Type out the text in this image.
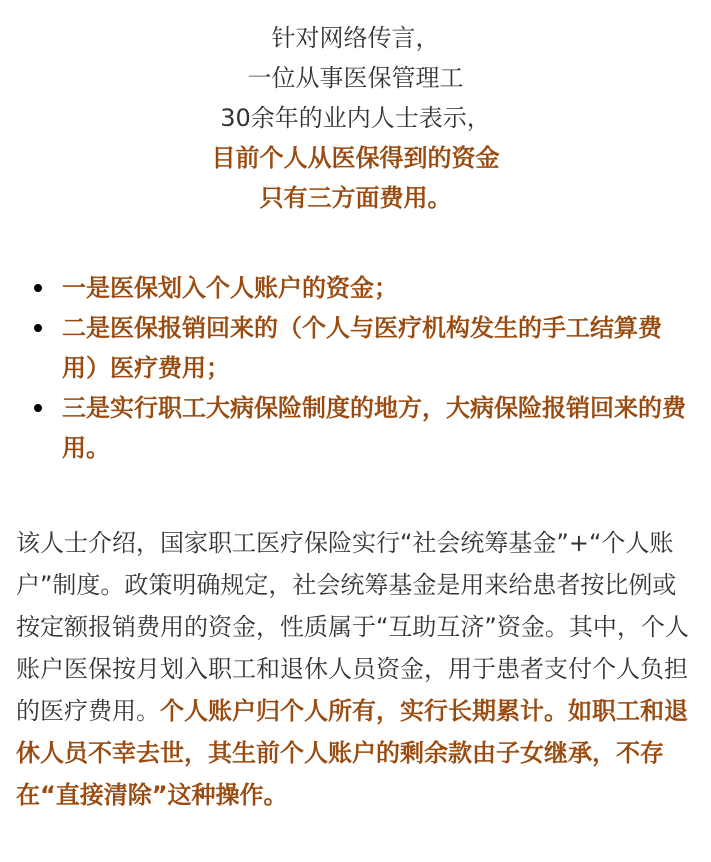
针对网络传言，

一位从事医保管理工

30余年的业内人士表示，

目前个人从医保得到的资金

只有三方面费用。

一是医保划入个人账户的资金；
二是医保报销回来的（个人与医疗机构发生的手工结算费用）医疗费用；
三是实行职工大病保险制度的地方，大病保险报销回来的费用。

该人士介绍，国家职工医疗保险实行“社会统筹基金”+“个人账户”制度。政策明确规定，社会统筹基金是用来给患者按比例或按定额报销费用的资金，性质属于“互助互济”资金。其中，个人账户医保按月划入职工和退休人员资金，用于患者支付个人负担的医疗费用。个人账户归个人所有，实行长期累计。如职工和退休人员不幸去世，其生前个人账户的剩余款由子女继承，不存在“直接清除”这种操作。
